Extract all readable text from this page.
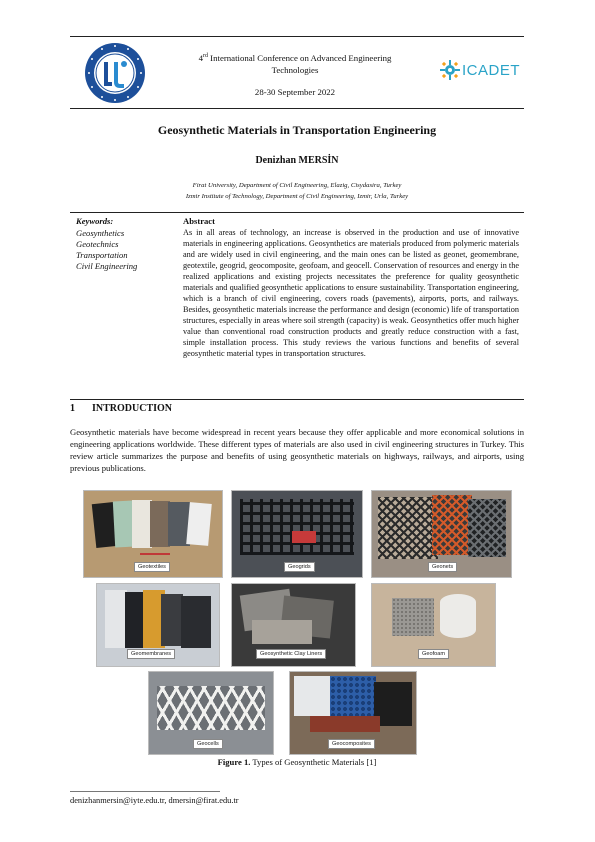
4rd International Conference on Advanced Engineering
Technologies
28-30 September 2022
ICADET
Geosynthetic Materials in Transportation Engineering
Denizhan MERSİN
Firat University, Department of Civil Engineering, Elazig, Cisydasira, Turkey
Izmir Institute of Technology, Department of Civil Engineering, Izmir, Urla, Turkey
Keywords:
Geosynthetics
Geotechnics
Transportation
Civil Engineering
Abstract

As in all areas of technology, an increase is observed in the production and use of innovative materials in engineering applications. Geosynthetics are materials produced from polymeric materials and are widely used in civil engineering, and the main ones can be listed as geonet, geomembrane, geotextile, geogrid, geocomposite, geofoam, and geocell. Conservation of resources and energy in the realized applications and existing projects necessitates the preference for quality geosynthetic materials and qualified geosynthetic applications to ensure sustainability. Transportation engineering, which is a branch of civil engineering, covers roads (pavements), airports, ports, and railways. Besides, geosynthetic materials increase the performance and design (economic) life of transportation structures, especially in areas where soil strength (capacity) is weak. Geosynthetics offer much higher value than conventional road construction products and greatly reduce construction with a fast, simple installation process. This study reviews the various functions and benefits of several geosynthetic material types in transportation structures.

1 INTRODUCTION

Geosynthetic materials have become widespread in recent years because they offer applicable and more economical solutions in engineering applications worldwide. These different types of materials are also used in civil engineering structures in Turkey. This review article summarizes the purpose and benefits of using geosynthetic materials on highways, railways, and airports, using previous publications.

Geotextiles	Geogrids	Geonets
Geomembranes	Geosynthetic Clay Liners	Geofoam
Geocells	Geocomposites
Figure 1. Types of Geosynthetic Materials [1]
denizhanmersin@iyte.edu.tr, dmersin@firat.edu.tr
